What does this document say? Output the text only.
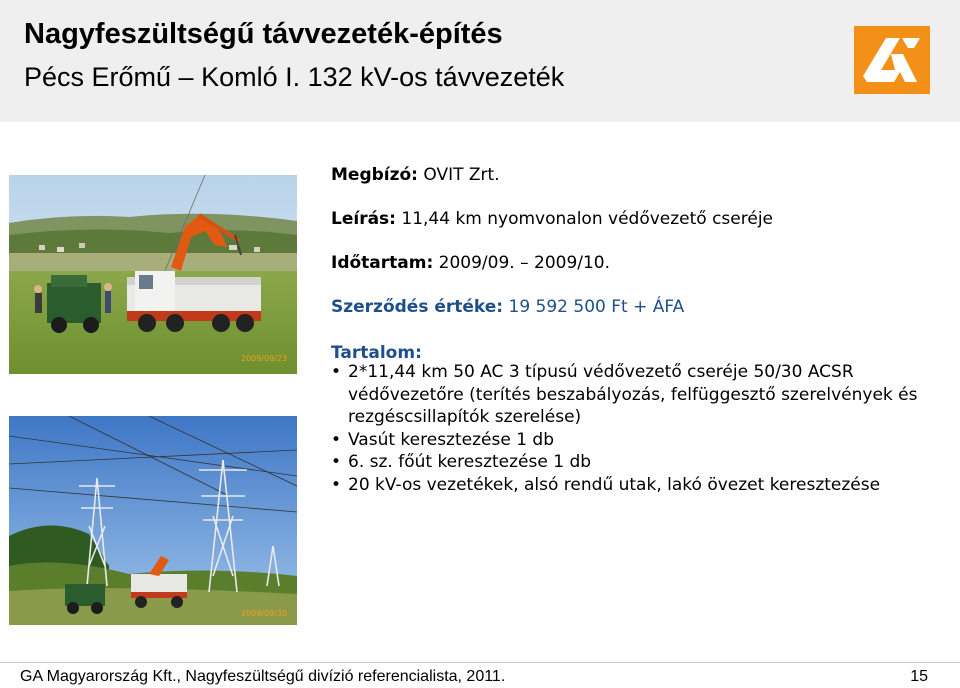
Nagyfeszültségű távvezeték-építés
Pécs Erőmű – Komló I. 132 kV-os távvezeték
2009/09/23
2009/09/30
Megbízó: OVIT Zrt.
Leírás: 11,44 km nyomvonalon védővezető cseréje
Időtartam: 2009/09. – 2009/10.
Szerződés értéke: 19 592 500 Ft + ÁFA
Tartalom:
• 2*11,44 km 50 AC 3 típusú védővezető cseréje 50/30 ACSR védővezetőre (terítés beszabályozás, felfüggesztő szerelvények és rezgéscsillapítók szerelése)
• Vasút keresztezése 1 db
• 6. sz. főút keresztezése 1 db
• 20 kV-os vezetékek, alsó rendű utak, lakó övezet keresztezése
GA Magyarország Kft., Nagyfeszültségű divízió referencialista, 2011.	15
